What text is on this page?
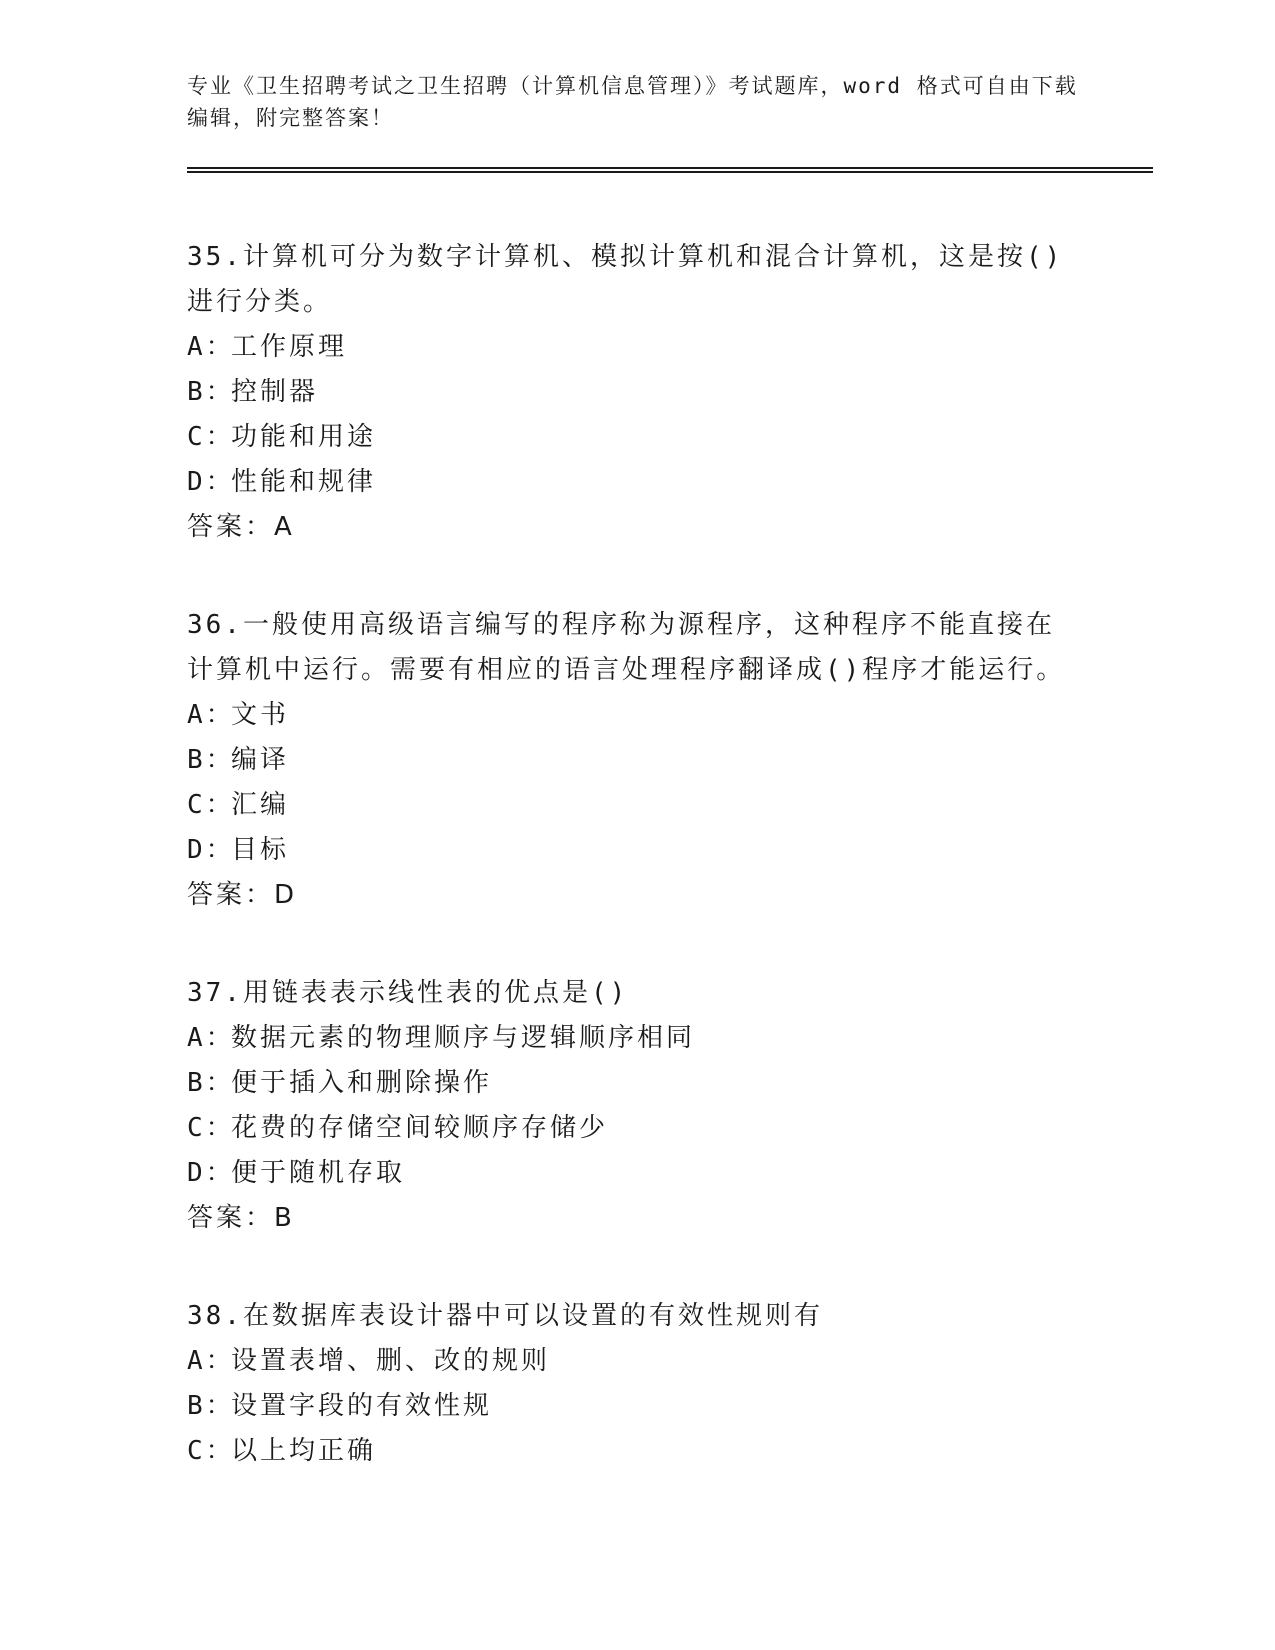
专业《卫生招聘考试之卫生招聘（计算机信息管理）》考试题库，word 格式可自由下载编辑，附完整答案！

35.计算机可分为数字计算机、模拟计算机和混合计算机，这是按()进行分类。

A：工作原理
B：控制器
C：功能和用途
D：性能和规律
答案：A

36.一般使用高级语言编写的程序称为源程序，这种程序不能直接在计算机中运行。需要有相应的语言处理程序翻译成()程序才能运行。

A：文书
B：编译
C：汇编
D：目标
答案：D

37.用链表表示线性表的优点是()

A：数据元素的物理顺序与逻辑顺序相同
B：便于插入和删除操作
C：花费的存储空间较顺序存储少
D：便于随机存取
答案：B

38.在数据库表设计器中可以设置的有效性规则有

A：设置表增、删、改的规则
B：设置字段的有效性规
C：以上均正确
